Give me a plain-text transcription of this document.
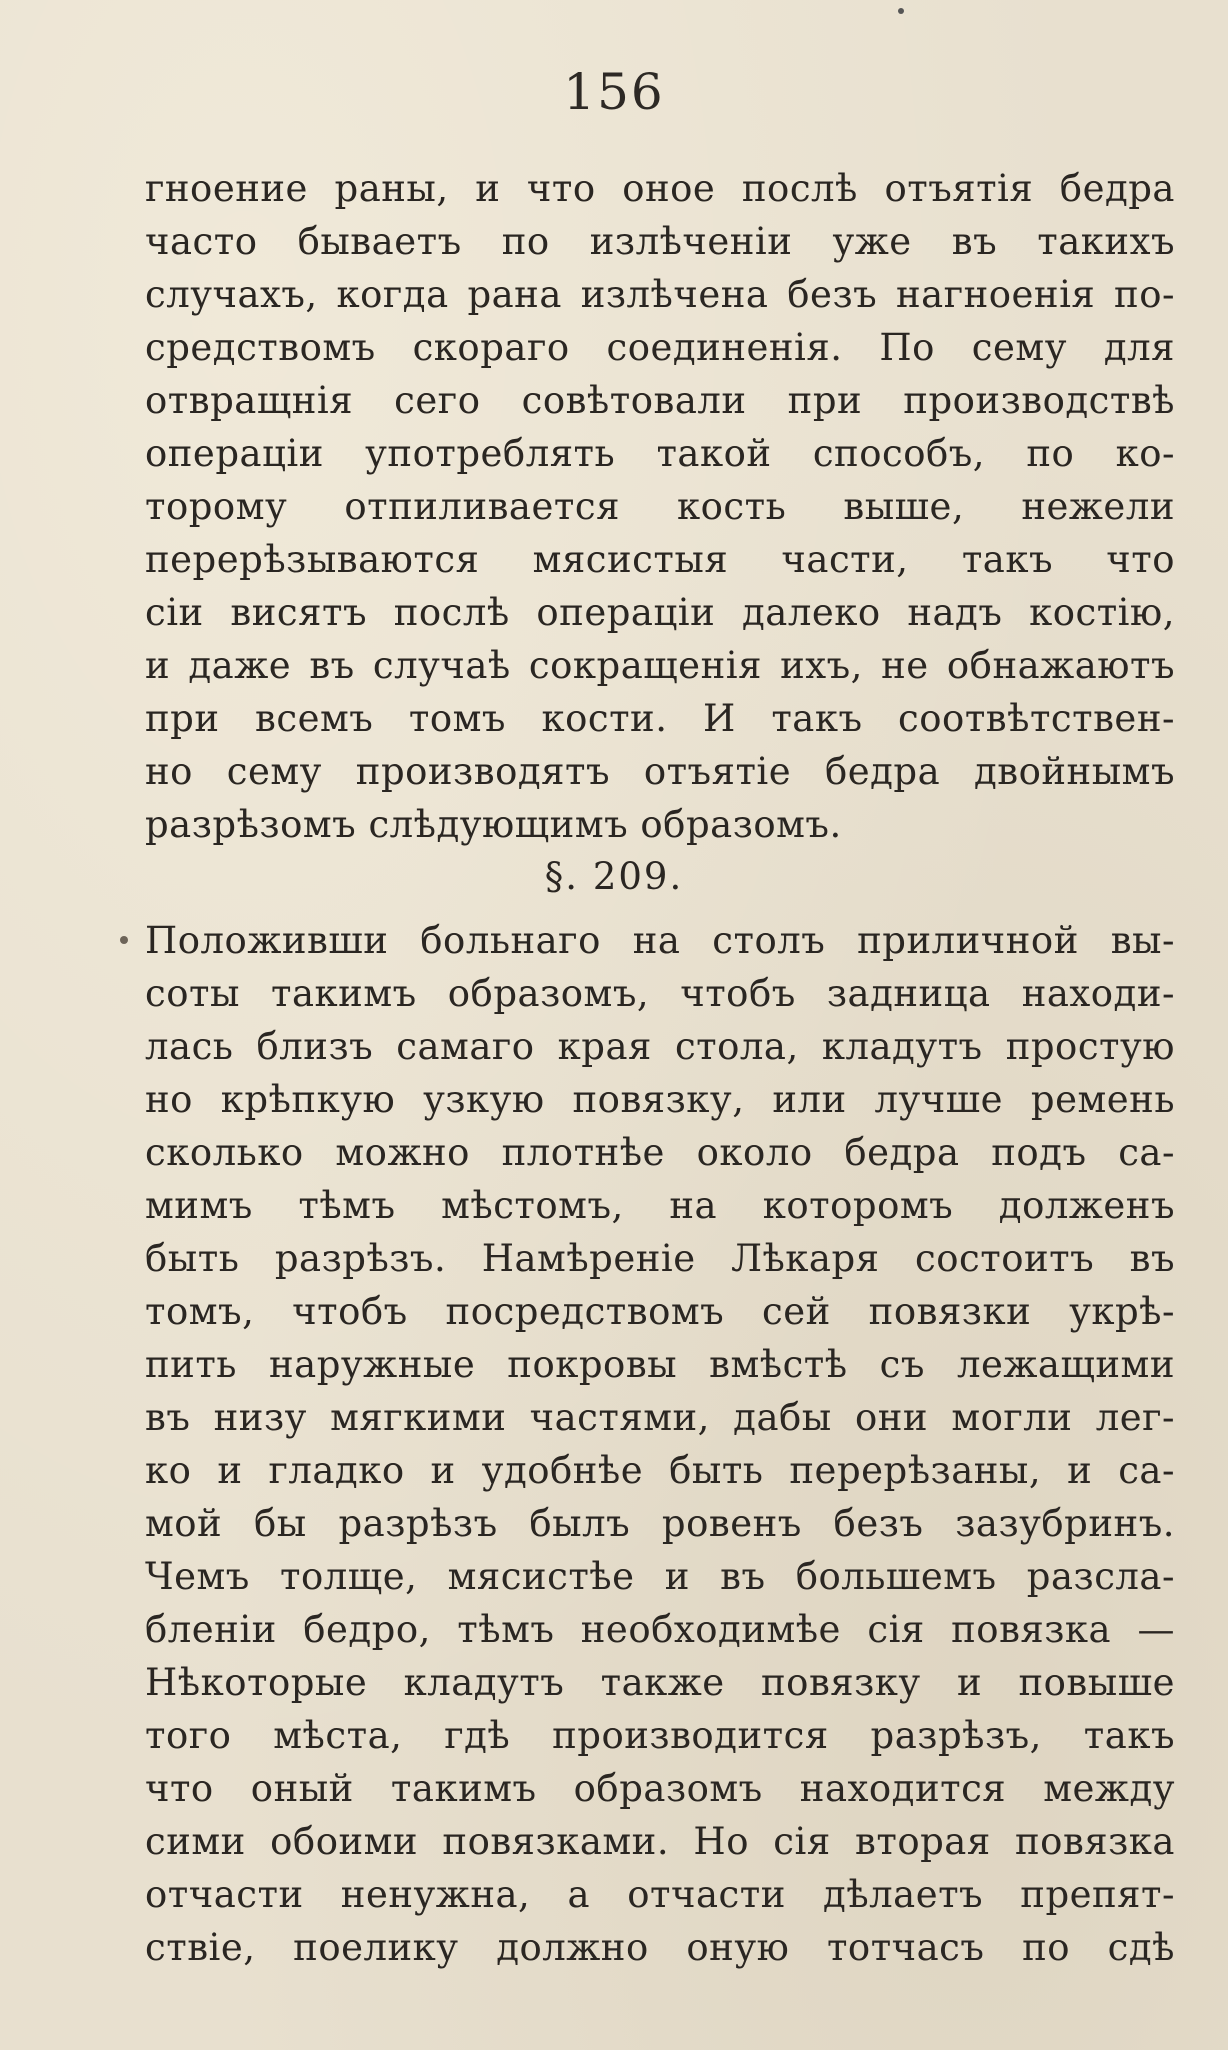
156
гноение раны, и что оное послѣ отъятія бедра
часто бываетъ по излѣченіи уже въ такихъ
случахъ, когда рана излѣчена безъ нагноенія по-
средствомъ скораго соединенія. По сему для
отвращнія сего совѣтовали при производствѣ
операціи употреблять такой способъ, по ко-
торому отпиливается кость выше, нежели
перерѣзываются мясистыя части, такъ что
сіи висятъ послѣ операціи далеко надъ костію,
и даже въ случаѣ сокращенія ихъ, не обнажаютъ
при всемъ томъ кости. И такъ соотвѣтствен-
но сему производятъ отъятіе бедра двойнымъ
разрѣзомъ слѣдующимъ образомъ.
§. 209.
Положивши больнаго на столъ приличной вы-
соты такимъ образомъ, чтобъ задница находи-
лась близъ самаго края стола, кладутъ простую
но крѣпкую узкую повязку, или лучше ремень
сколько можно плотнѣе около бедра подъ са-
мимъ тѣмъ мѣстомъ, на которомъ долженъ
быть разрѣзъ. Намѣреніе Лѣкаря состоитъ въ
томъ, чтобъ посредствомъ сей повязки укрѣ-
пить наружные покровы вмѣстѣ съ лежащими
въ низу мягкими частями, дабы они могли лег-
ко и гладко и удобнѣе быть перерѣзаны, и са-
мой бы разрѣзъ былъ ровенъ безъ зазубринъ.
Чемъ толще, мясистѣе и въ большемъ разсла-
бленіи бедро, тѣмъ необходимѣе сія повязка —
Нѣкоторые кладутъ также повязку и повыше
того мѣста, гдѣ производится разрѣзъ, такъ
что оный такимъ образомъ находится между
сими обоими повязками. Но сія вторая повязка
отчасти ненужна, а отчасти дѣлаетъ препят-
ствіе, поелику должно оную тотчасъ по сдѣ
